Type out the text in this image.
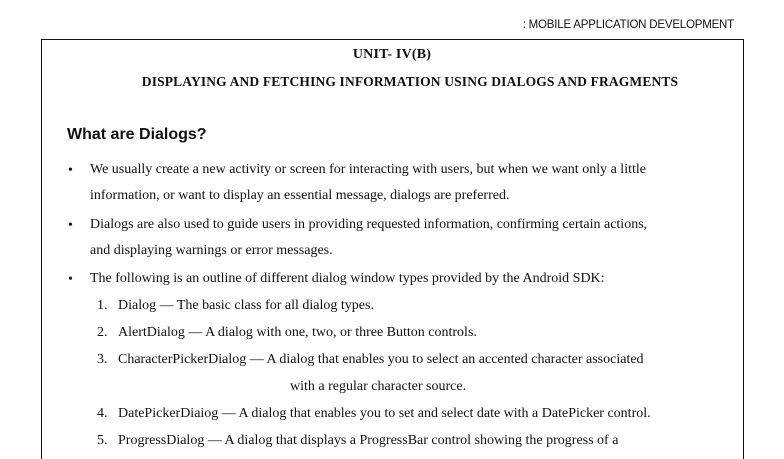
: MOBILE APPLICATION DEVELOPMENT
UNIT- IV(B)
DISPLAYING AND FETCHING INFORMATION USING DIALOGS AND FRAGMENTS
What are Dialogs?
• We usually create a new activity or screen for interacting with users, but when we want only a little
information, or want to display an essential message, dialogs are preferred.
• Dialogs are also used to guide users in providing requested information, confirming certain actions,
and displaying warnings or error messages.
• The following is an outline of different dialog window types provided by the Android SDK:
1. Dialog — The basic class for all dialog types.
2. AlertDialog — A dialog with one, two, or three Button controls.
3. CharacterPickerDialog — A dialog that enables you to select an accented character associated
with a regular character source.
4. DatePickerDiaiog — A dialog that enables you to set and select date with a DatePicker control.
5. ProgressDialog — A dialog that displays a ProgressBar control showing the progress of a
